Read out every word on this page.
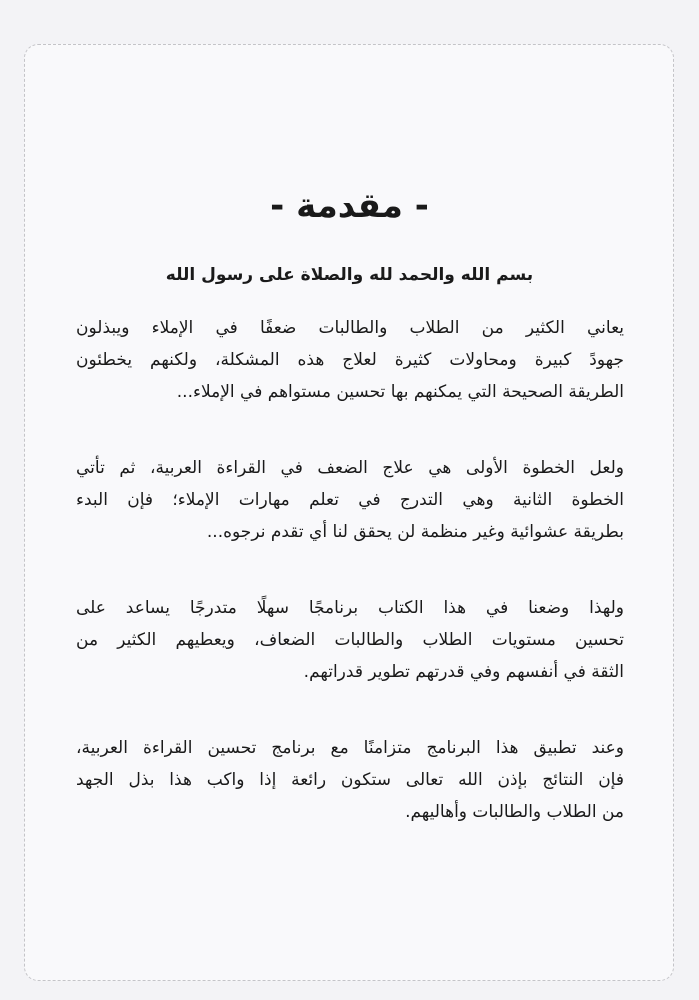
- مقدمة -
بسم الله والحمد لله والصلاة على رسول الله
يعاني الكثير من الطلاب والطالبات ضعفًا في الإملاء ويبذلون
جهودً كبيرة ومحاولات كثيرة لعلاج هذه المشكلة، ولكنهم يخطئون
الطريقة الصحيحة التي يمكنهم بها تحسين مستواهم في الإملاء...
ولعل الخطوة الأولى هي علاج الضعف في القراءة العربية، ثم تأتي
الخطوة الثانية وهي التدرج في تعلم مهارات الإملاء؛ فإن البدء
بطريقة عشوائية وغير منظمة لن يحقق لنا أي تقدم نرجوه...
ولهذا وضعنا في هذا الكتاب برنامجًا سهلًا متدرجًا يساعد على
تحسين مستويات الطلاب والطالبات الضعاف، ويعطيهم الكثير من
الثقة في أنفسهم وفي قدرتهم تطوير قدراتهم.
وعند تطبيق هذا البرنامج متزامنًا مع برنامج تحسين القراءة العربية،
فإن النتائج بإذن الله تعالى ستكون رائعة إذا واكب هذا بذل الجهد
من الطلاب والطالبات وأهاليهم.
